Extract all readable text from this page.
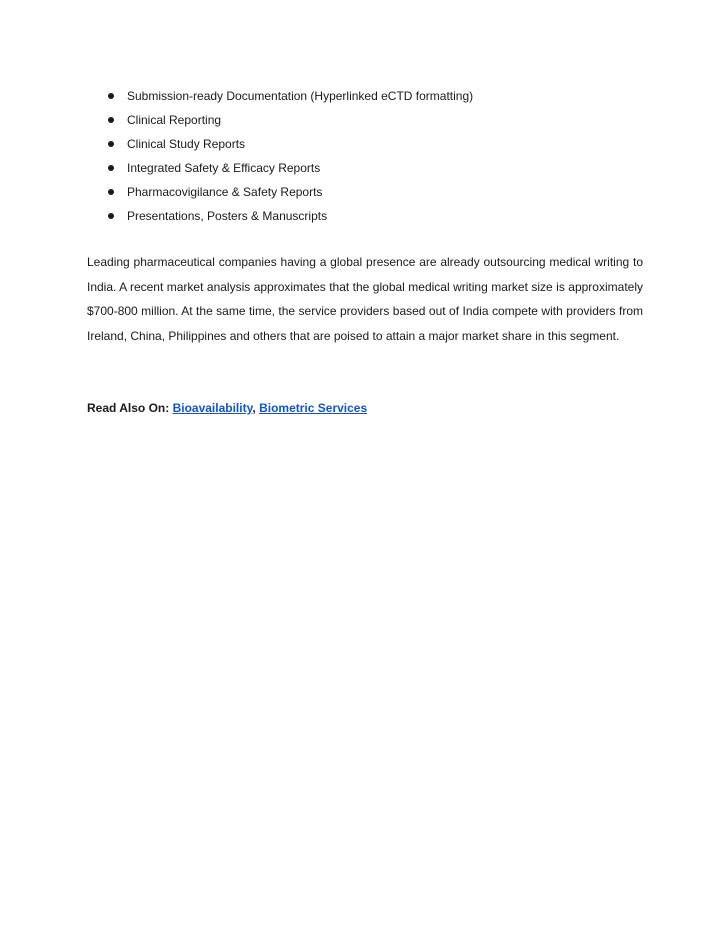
Submission-ready Documentation (Hyperlinked eCTD formatting)
Clinical Reporting
Clinical Study Reports
Integrated Safety & Efficacy Reports
Pharmacovigilance & Safety Reports
Presentations, Posters & Manuscripts

Leading pharmaceutical companies having a global presence are already outsourcing medical writing to India. A recent market analysis approximates that the global medical writing market size is approximately $700-800 million. At the same time, the service providers based out of India compete with providers from Ireland, China, Philippines and others that are poised to attain a major market share in this segment.

Read Also On: Bioavailability, Biometric Services
